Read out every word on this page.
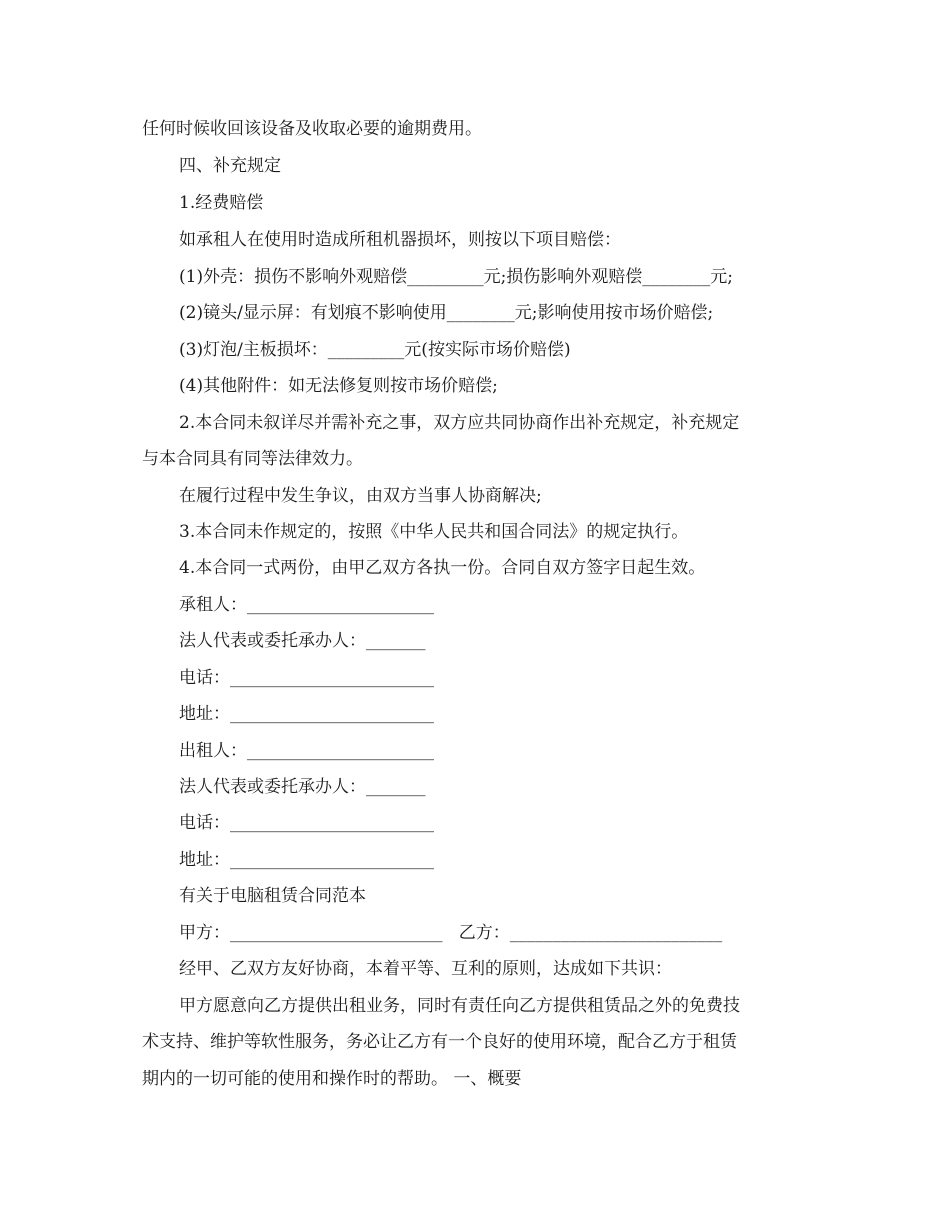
任何时候收回该设备及收取必要的逾期费用。
四、补充规定
1.经费赔偿
如承租人在使用时造成所租机器损坏，则按以下项目赔偿：
(1)外壳：损伤不影响外观赔偿_________元;损伤影响外观赔偿________元;
(2)镜头/显示屏：有划痕不影响使用________元;影响使用按市场价赔偿;
(3)灯泡/主板损坏：_________元(按实际市场价赔偿)
(4)其他附件：如无法修复则按市场价赔偿;
2.本合同未叙详尽并需补充之事，双方应共同协商作出补充规定，补充规定
与本合同具有同等法律效力。
在履行过程中发生争议，由双方当事人协商解决;
3.本合同未作规定的，按照《中华人民共和国合同法》的规定执行。
4.本合同一式两份，由甲乙双方各执一份。合同自双方签字日起生效。
承租人：______________________
法人代表或委托承办人：_______
电话：________________________
地址：________________________
出租人：______________________
法人代表或委托承办人：_______
电话：________________________
地址：________________________
有关于电脑租赁合同范本
甲方：_________________________   乙方：_________________________
经甲、乙双方友好协商，本着平等、互利的原则，达成如下共识：
甲方愿意向乙方提供出租业务，同时有责任向乙方提供租赁品之外的免费技
术支持、维护等软性服务，务必让乙方有一个良好的使用环境，配合乙方于租赁
期内的一切可能的使用和操作时的帮助。 一、概要
